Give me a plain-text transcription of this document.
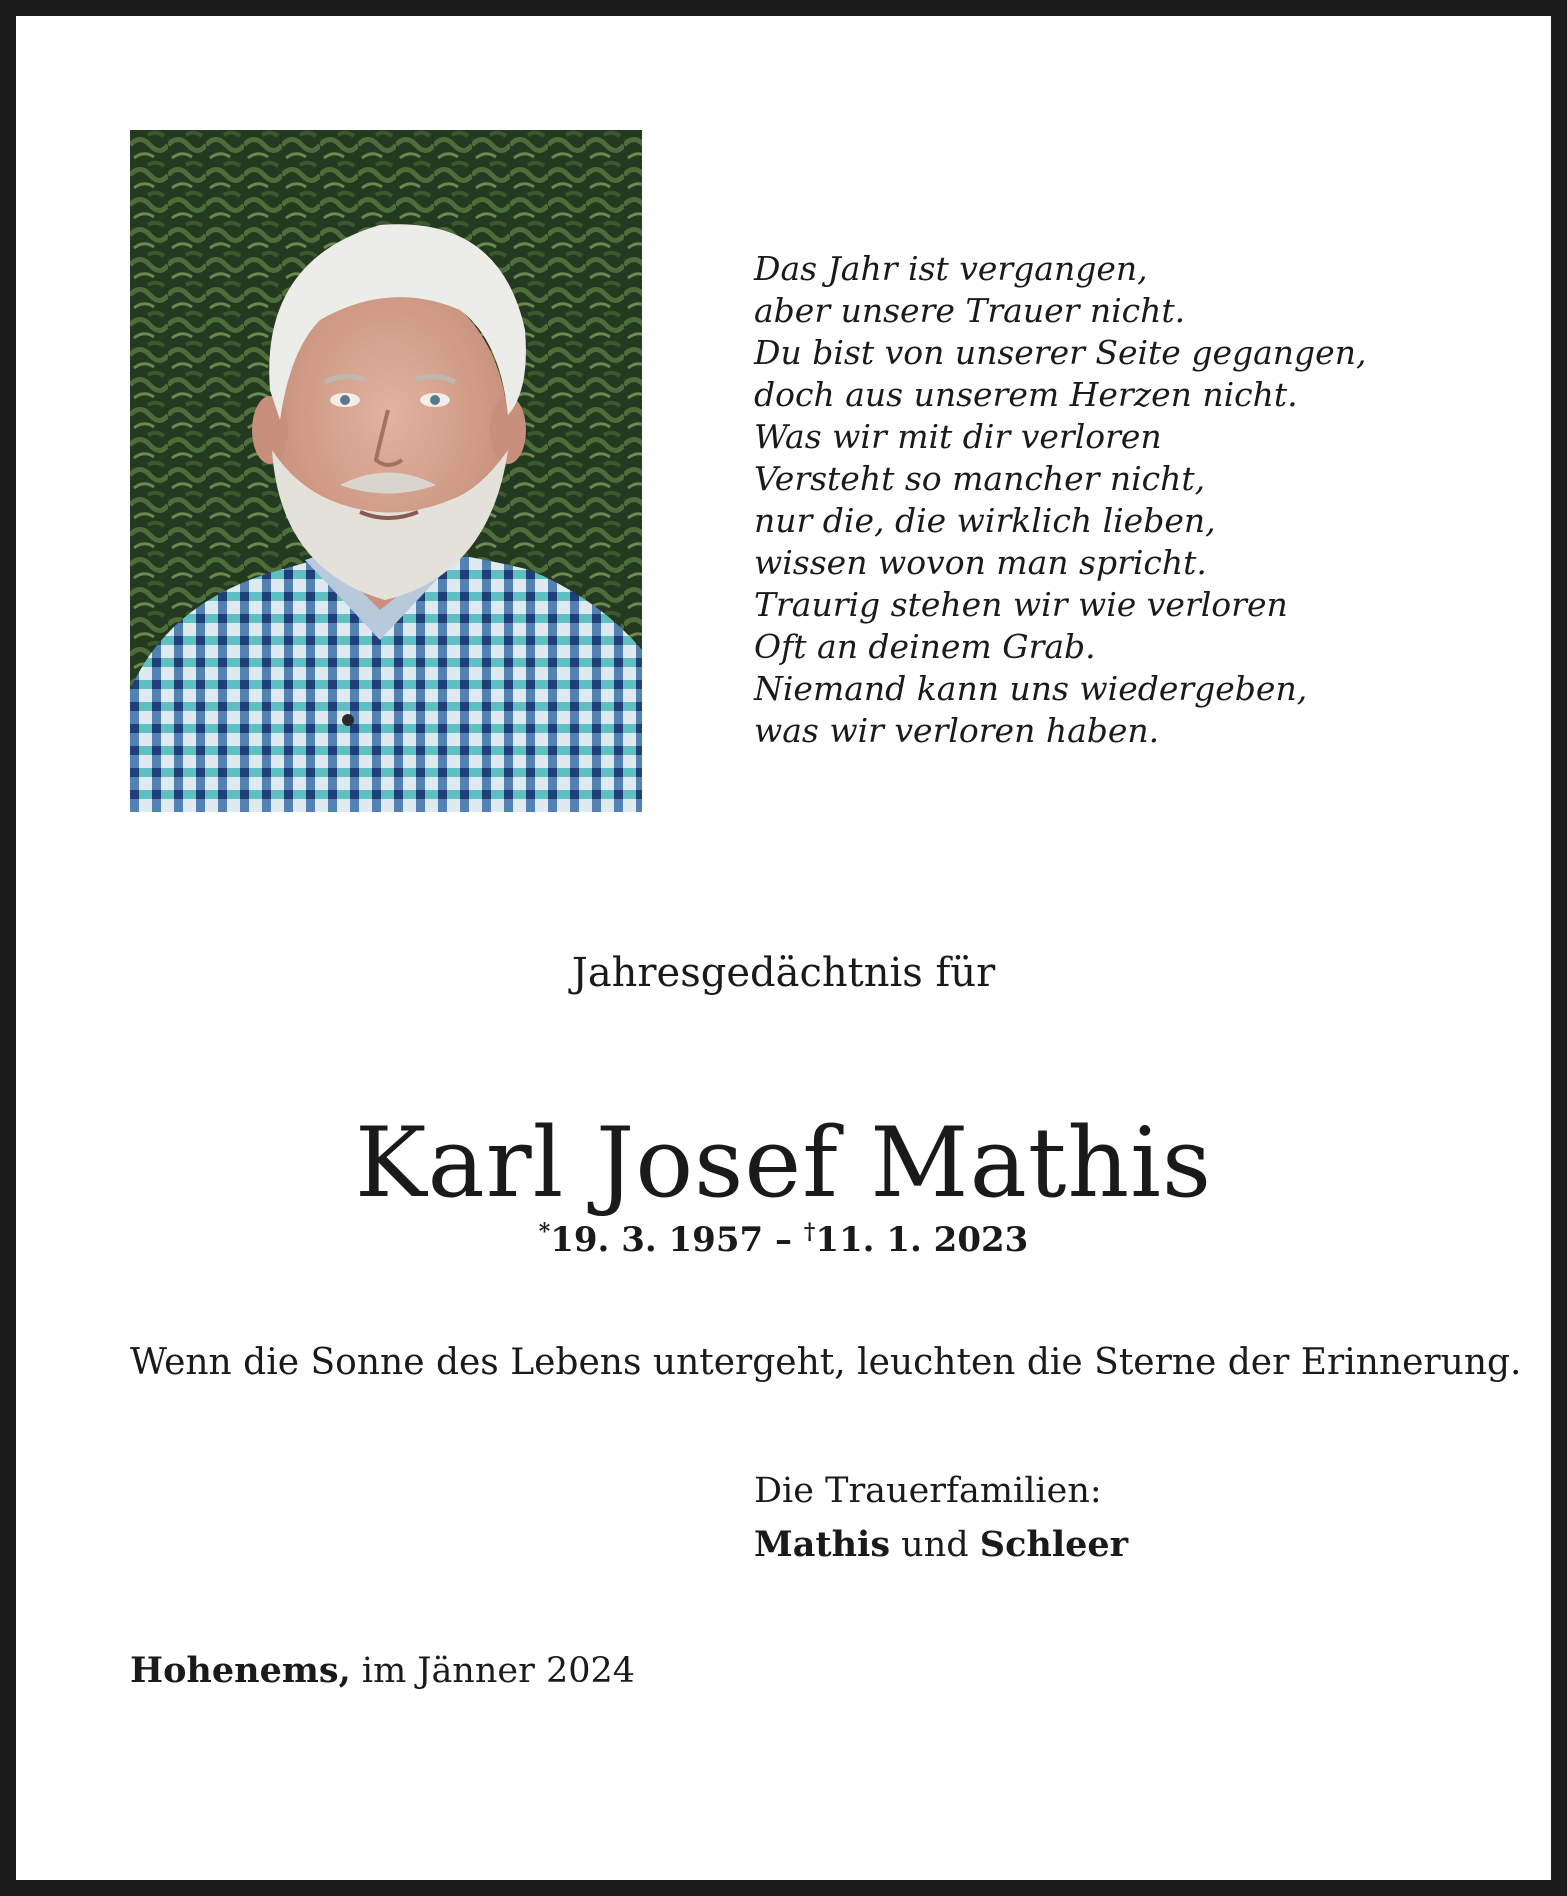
Das Jahr ist vergangen,
aber unsere Trauer nicht.
Du bist von unserer Seite gegangen,
doch aus unserem Herzen nicht.
Was wir mit dir verloren
Versteht so mancher nicht,
nur die, die wirklich lieben,
wissen wovon man spricht.
Traurig stehen wir wie verloren
Oft an deinem Grab.
Niemand kann uns wiedergeben,
was wir verloren haben.
Jahresgedächtnis für
Karl Josef Mathis
*19. 3. 1957 – †11. 1. 2023
Wenn die Sonne des Lebens untergeht, leuchten die Sterne der Erinnerung.
Die Trauerfamilien:
Mathis und Schleer
Hohenems, im Jänner 2024
